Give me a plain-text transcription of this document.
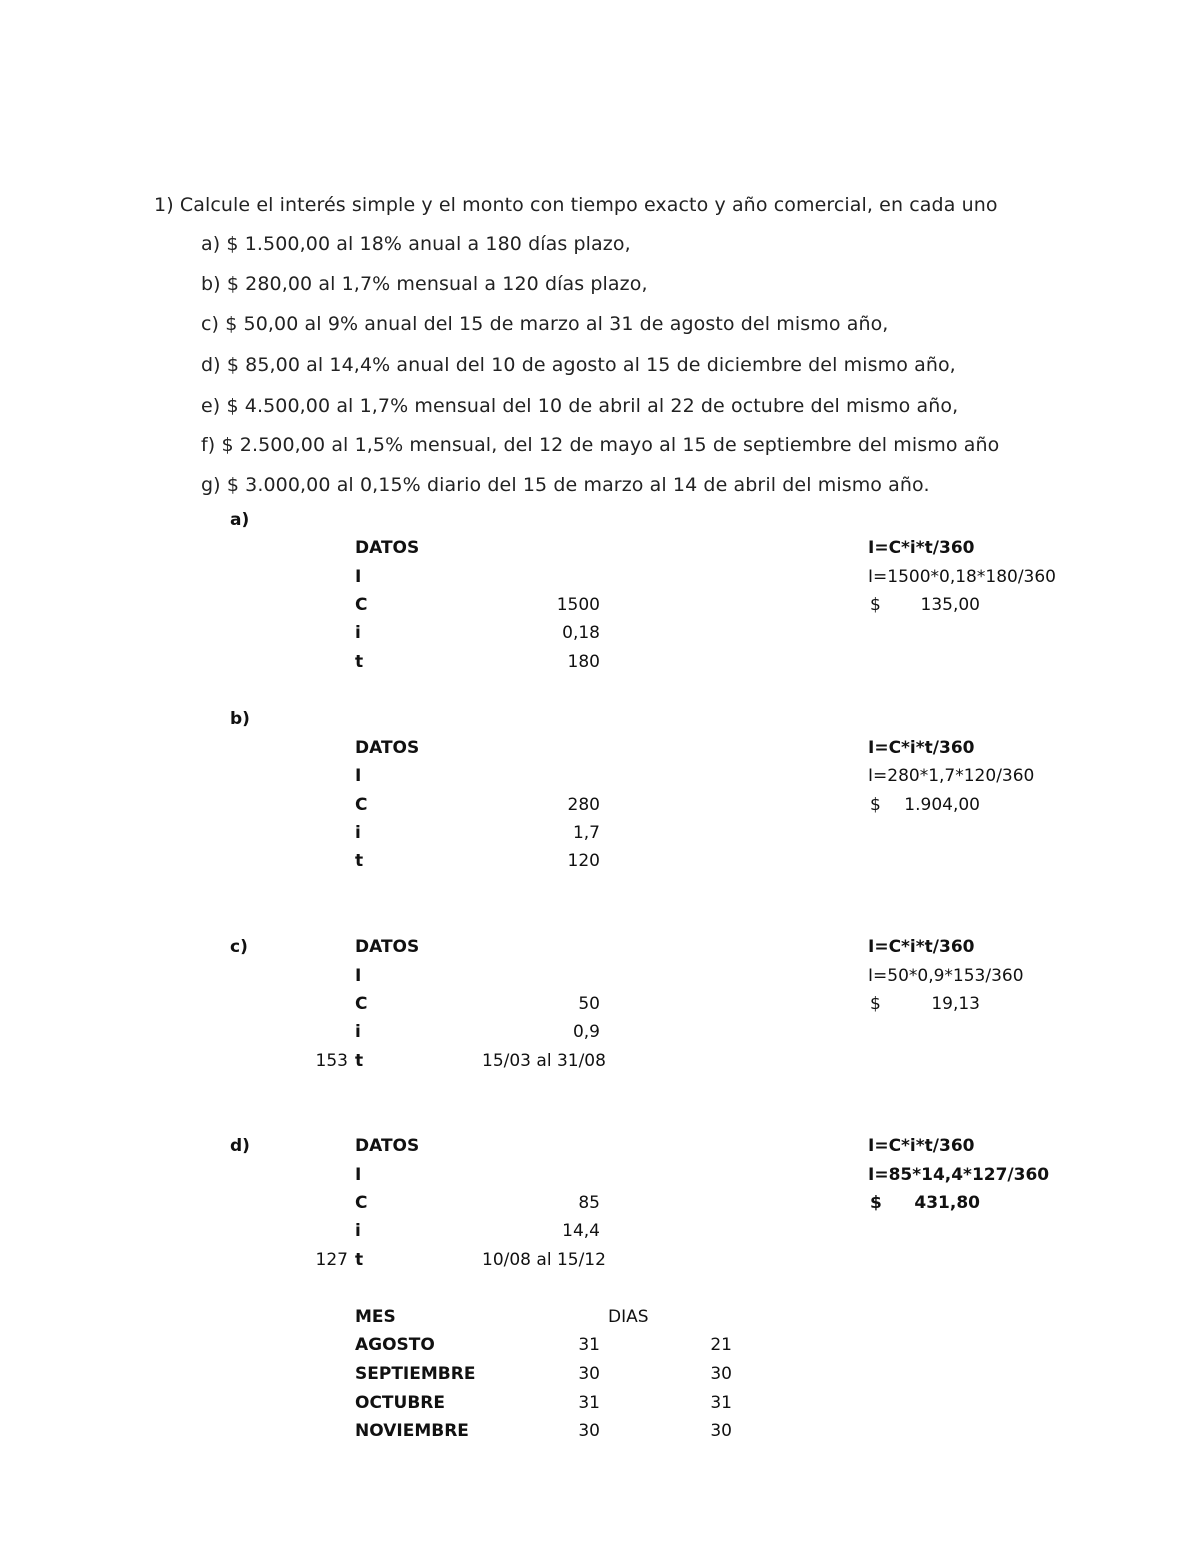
1) Calcule el interés simple y el monto con tiempo exacto y año comercial, en cada uno
a) $ 1.500,00 al 18% anual a 180 días plazo,
b) $ 280,00 al 1,7% mensual a 120 días plazo,
c) $ 50,00 al 9% anual del 15 de marzo al 31 de agosto del mismo año,
d) $ 85,00 al 14,4% anual del 10 de agosto al 15 de diciembre del mismo año,
e) $ 4.500,00 al 1,7% mensual del 10 de abril al 22 de octubre del mismo año,
f) $ 2.500,00 al 1,5% mensual, del 12 de mayo al 15 de septiembre del mismo año
g) $ 3.000,00 al 0,15% diario del 15 de marzo al 14 de abril del mismo año.
a)
DATOS	I=C*i*t/360
I	I=1500*0,18*180/360
C	1500	$	135,00
i	0,18
t	180
b)
DATOS	I=C*i*t/360
I	I=280*1,7*120/360
C	280	$	1.904,00
i	1,7
t	120
c)	DATOS	I=C*i*t/360
I	I=50*0,9*153/360
C	50	$	19,13
i	0,9
153 t	15/03 al 31/08
d)	DATOS	I=C*i*t/360
I	I=85*14,4*127/360
C	85	$	431,80
i	14,4
127 t	10/08 al 15/12
MES	DIAS
AGOSTO	31	21
SEPTIEMBRE	30	30
OCTUBRE	31	31
NOVIEMBRE	30	30
